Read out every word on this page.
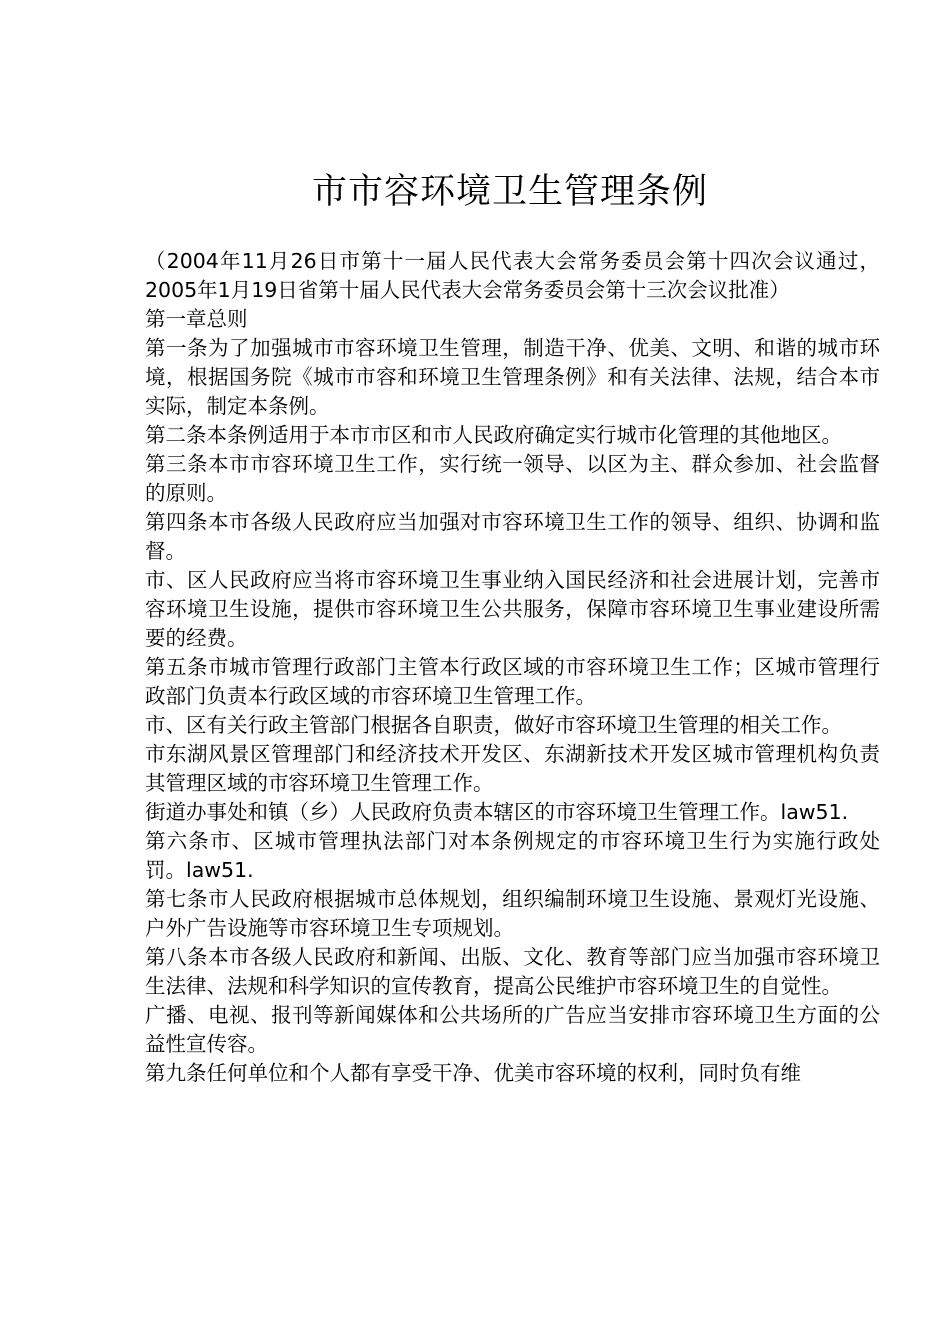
市市容环境卫生管理条例

（2004年11月26日市第十一届人民代表大会常务委员会第十四次会议通过，2005年1月19日省第十届人民代表大会常务委员会第十三次会议批准）

第一章总则

第一条为了加强城市市容环境卫生管理，制造干净、优美、文明、和谐的城市环境，根据国务院《城市市容和环境卫生管理条例》和有关法律、法规，结合本市实际，制定本条例。

第二条本条例适用于本市市区和市人民政府确定实行城市化管理的其他地区。

第三条本市市容环境卫生工作，实行统一领导、以区为主、群众参加、社会监督的原则。

第四条本市各级人民政府应当加强对市容环境卫生工作的领导、组织、协调和监督。

市、区人民政府应当将市容环境卫生事业纳入国民经济和社会进展计划，完善市容环境卫生设施，提供市容环境卫生公共服务，保障市容环境卫生事业建设所需要的经费。

第五条市城市管理行政部门主管本行政区域的市容环境卫生工作；区城市管理行政部门负责本行政区域的市容环境卫生管理工作。

市、区有关行政主管部门根据各自职责，做好市容环境卫生管理的相关工作。

市东湖风景区管理部门和经济技术开发区、东湖新技术开发区城市管理机构负责其管理区域的市容环境卫生管理工作。

街道办事处和镇（乡）人民政府负责本辖区的市容环境卫生管理工作。law51.

第六条市、区城市管理执法部门对本条例规定的市容环境卫生行为实施行政处罚。law51.

第七条市人民政府根据城市总体规划，组织编制环境卫生设施、景观灯光设施、户外广告设施等市容环境卫生专项规划。

第八条本市各级人民政府和新闻、出版、文化、教育等部门应当加强市容环境卫生法律、法规和科学知识的宣传教育，提高公民维护市容环境卫生的自觉性。

广播、电视、报刊等新闻媒体和公共场所的广告应当安排市容环境卫生方面的公益性宣传容。

第九条任何单位和个人都有享受干净、优美市容环境的权利，同时负有维
